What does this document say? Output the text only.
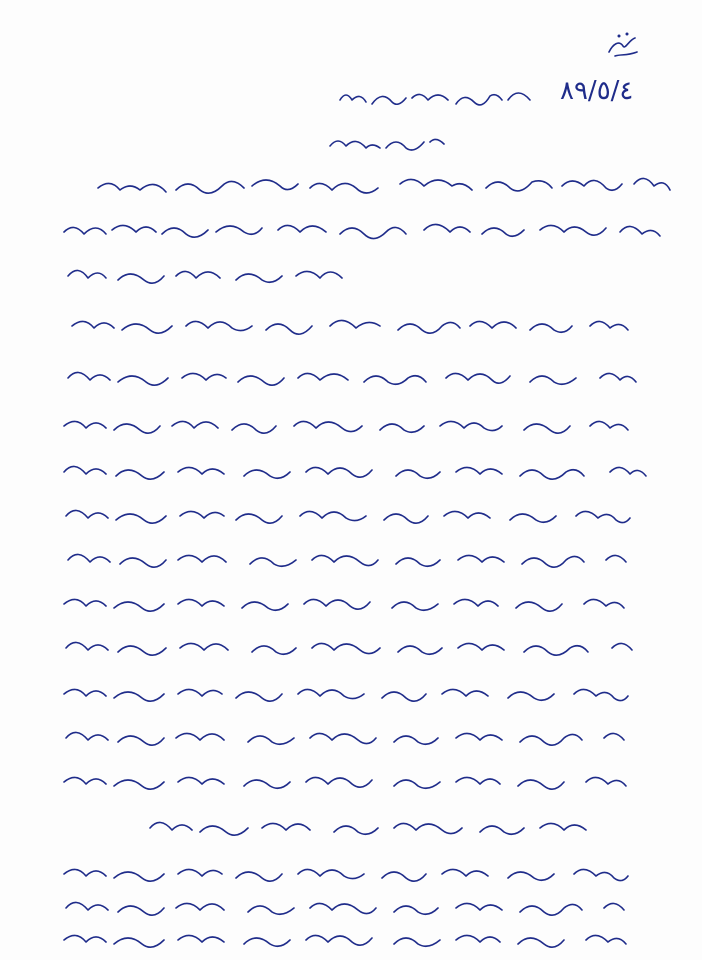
٨٩/٥/٤
